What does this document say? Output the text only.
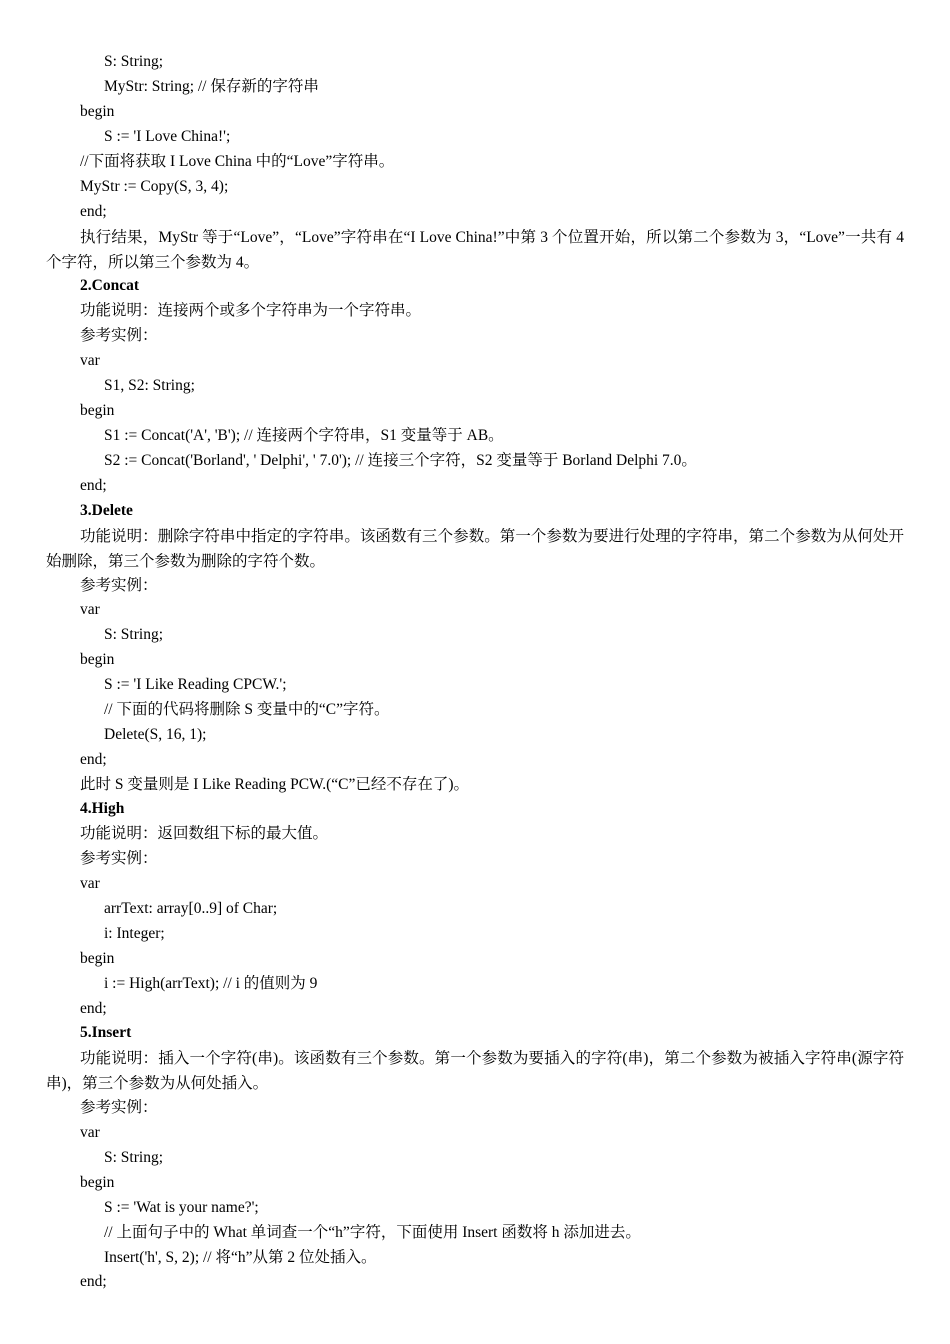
S: String;

MyStr: String; // 保存新的字符串

begin

S := 'I Love China!';

//下面将获取 I Love China 中的“Love”字符串。

MyStr := Copy(S, 3, 4);

end;

执行结果，MyStr 等于“Love”，“Love”字符串在“I Love China!”中第 3 个位置开始，所以第二个参数为 3，“Love”一共有 4 个字符，所以第三个参数为 4。

2.Concat

功能说明：连接两个或多个字符串为一个字符串。

参考实例：

var

S1, S2: String;

begin

S1 := Concat('A', 'B'); // 连接两个字符串，S1 变量等于 AB。

S2 := Concat('Borland', ' Delphi', ' 7.0'); // 连接三个字符，S2 变量等于 Borland Delphi 7.0。

end;

3.Delete

功能说明：删除字符串中指定的字符串。该函数有三个参数。第一个参数为要进行处理的字符串，第二个参数为从何处开始删除，第三个参数为删除的字符个数。

参考实例：

var

S: String;

begin

S := 'I Like Reading CPCW.';

// 下面的代码将删除 S 变量中的“C”字符。

Delete(S, 16, 1);

end;

此时 S 变量则是 I Like Reading PCW.(“C”已经不存在了)。

4.High

功能说明：返回数组下标的最大值。

参考实例：

var

arrText: array[0..9] of Char;

i: Integer;

begin

i := High(arrText); // i 的值则为 9

end;

5.Insert

功能说明：插入一个字符(串)。该函数有三个参数。第一个参数为要插入的字符(串)，第二个参数为被插入字符串(源字符串)，第三个参数为从何处插入。

参考实例：

var

S: String;

begin

S := 'Wat is your name?';

// 上面句子中的 What 单词查一个“h”字符，下面使用 Insert 函数将 h 添加进去。

Insert('h', S, 2); // 将“h”从第 2 位处插入。

end;
